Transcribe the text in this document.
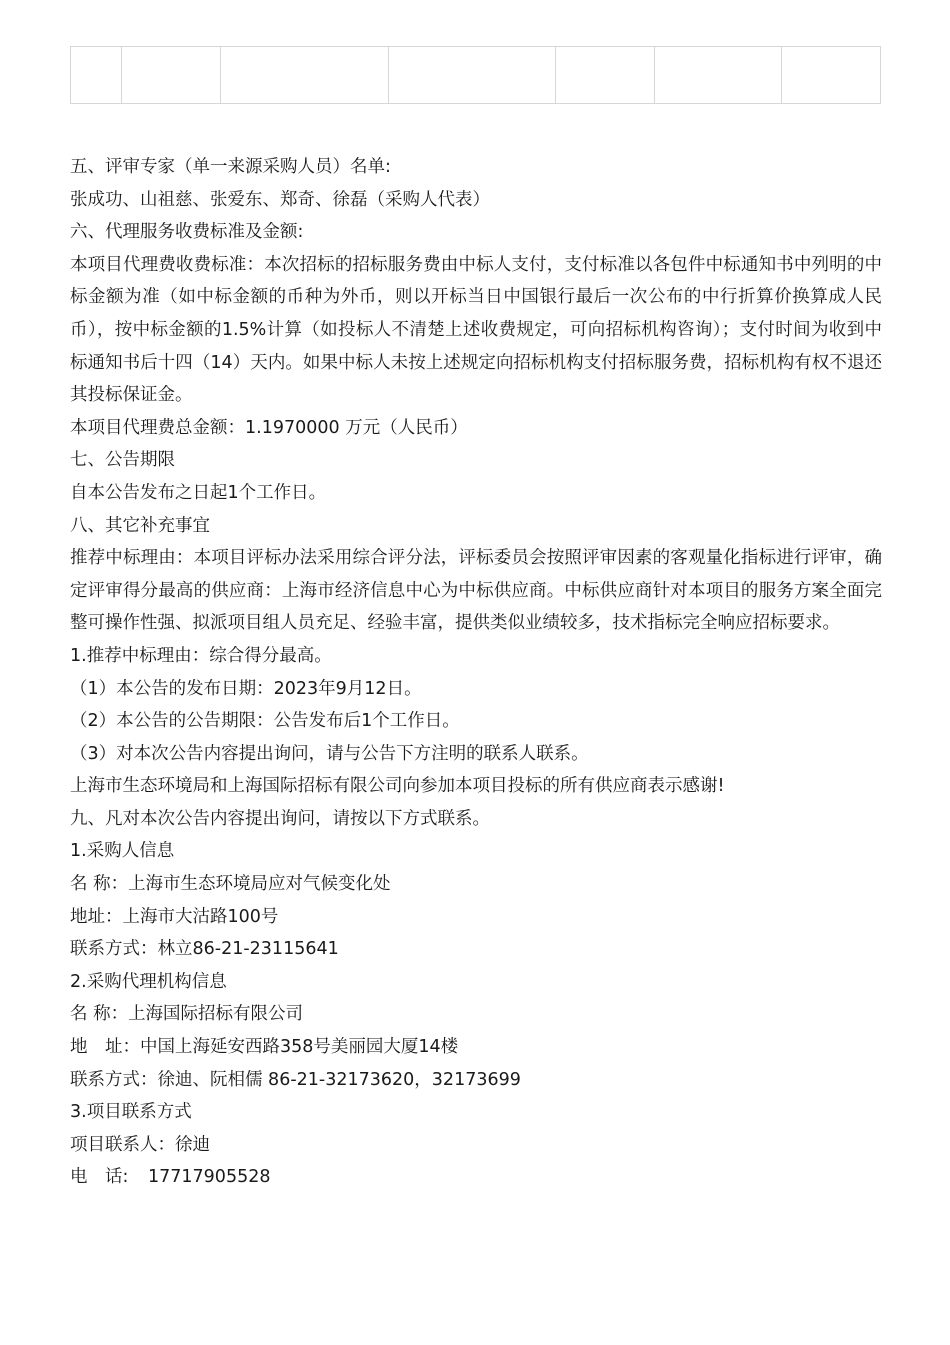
五、评审专家（单一来源采购人员）名单:
张成功、山祖慈、张爱东、郑奇、徐磊（采购人代表）
六、代理服务收费标准及金额:
本项目代理费收费标准：本次招标的招标服务费由中标人支付，支付标准以各包件中标通知书中列明的中标金额为准（如中标金额的币种为外币，则以开标当日中国银行最后一次公布的中行折算价换算成人民币），按中标金额的1.5%计算（如投标人不清楚上述收费规定，可向招标机构咨询）；支付时间为收到中标通知书后十四（14）天内。如果中标人未按上述规定向招标机构支付招标服务费，招标机构有权不退还其投标保证金。
本项目代理费总金额：1.1970000 万元（人民币）
七、公告期限
自本公告发布之日起1个工作日。
八、其它补充事宜
推荐中标理由：本项目评标办法采用综合评分法，评标委员会按照评审因素的客观量化指标进行评审，确定评审得分最高的供应商：上海市经济信息中心为中标供应商。中标供应商针对本项目的服务方案全面完整可操作性强、拟派项目组人员充足、经验丰富，提供类似业绩较多，技术指标完全响应招标要求。
1.推荐中标理由：综合得分最高。
（1）本公告的发布日期：2023年9月12日。
（2）本公告的公告期限：公告发布后1个工作日。
（3）对本次公告内容提出询问，请与公告下方注明的联系人联系。
上海市生态环境局和上海国际招标有限公司向参加本项目投标的所有供应商表示感谢!
九、凡对本次公告内容提出询问，请按以下方式联系。
1.采购人信息
名 称：上海市生态环境局应对气候变化处
地址：上海市大沽路100号
联系方式：林立86-21-23115641
2.采购代理机构信息
名 称：上海国际招标有限公司
地　址：中国上海延安西路358号美丽园大厦14楼
联系方式：徐迪、阮相儒 86-21-32173620，32173699
3.项目联系方式
项目联系人：徐迪
电　话: 17717905528
